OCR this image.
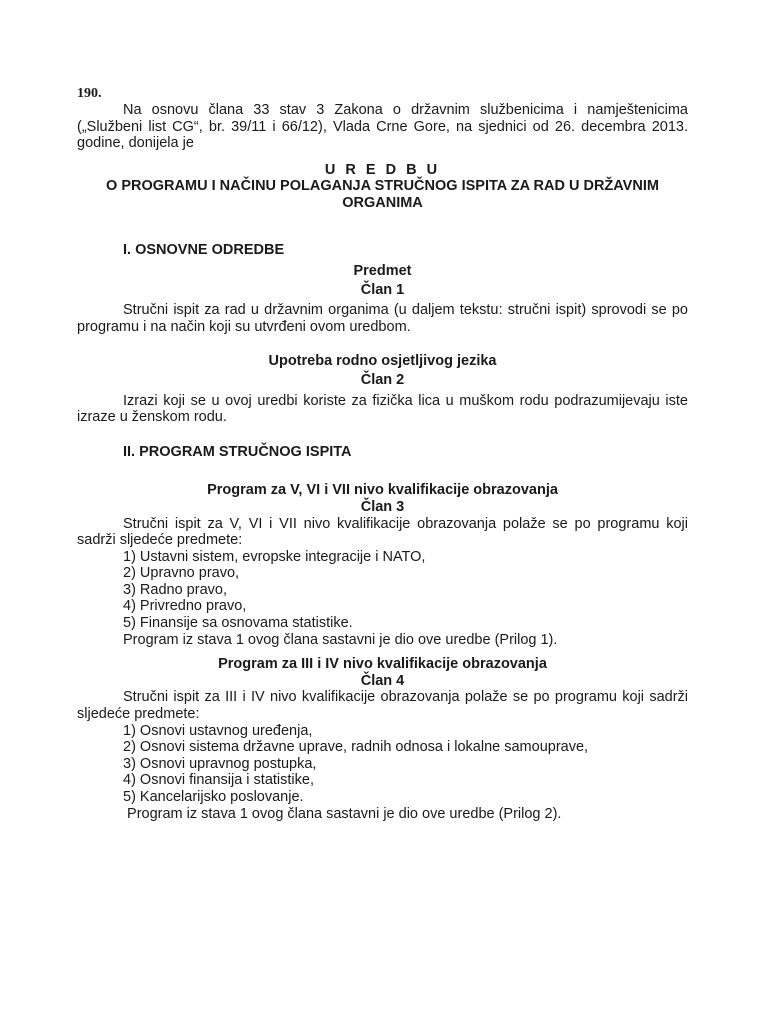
190.

Na osnovu člana 33 stav 3 Zakona o državnim službenicima i namještenicima („Službeni list CG“, br. 39/11 i 66/12), Vlada Crne Gore, na sjednici od 26. decembra 2013. godine, donijela je

U R E D B U

O PROGRAMU I NAČINU POLAGANJA STRUČNOG ISPITA ZA RAD U DRŽAVNIM ORGANIMA

I. OSNOVNE ODREDBE

Predmet

Član 1

Stručni ispit za rad u državnim organima (u daljem tekstu: stručni ispit) sprovodi se po programu i na način koji su utvrđeni ovom uredbom.

Upotreba rodno osjetljivog jezika

Član 2

Izrazi koji se u ovoj uredbi koriste za fizička lica u muškom rodu podrazumijevaju iste izraze u ženskom rodu.

II. PROGRAM STRUČNOG ISPITA

Program za V, VI i VII nivo kvalifikacije obrazovanja

Član 3

Stručni ispit za V, VI i VII nivo kvalifikacije obrazovanja polaže se po programu koji sadrži sljedeće predmete:

1) Ustavni sistem, evropske integracije i NATO,

2) Upravno pravo,

3) Radno pravo,

4) Privredno pravo,

5) Finansije sa osnovama statistike.

Program iz stava 1 ovog člana sastavni je dio ove uredbe (Prilog 1).

Program za III i IV nivo kvalifikacije obrazovanja

Član 4

Stručni ispit za III i IV nivo kvalifikacije obrazovanja polaže se po programu koji sadrži sljedeće predmete:

1) Osnovi ustavnog uređenja,

2) Osnovi sistema državne uprave, radnih odnosa i lokalne samouprave,

3) Osnovi upravnog postupka,

4) Osnovi finansija i statistike,

5) Kancelarijsko poslovanje.

Program iz stava 1 ovog člana sastavni je dio ove uredbe (Prilog 2).
